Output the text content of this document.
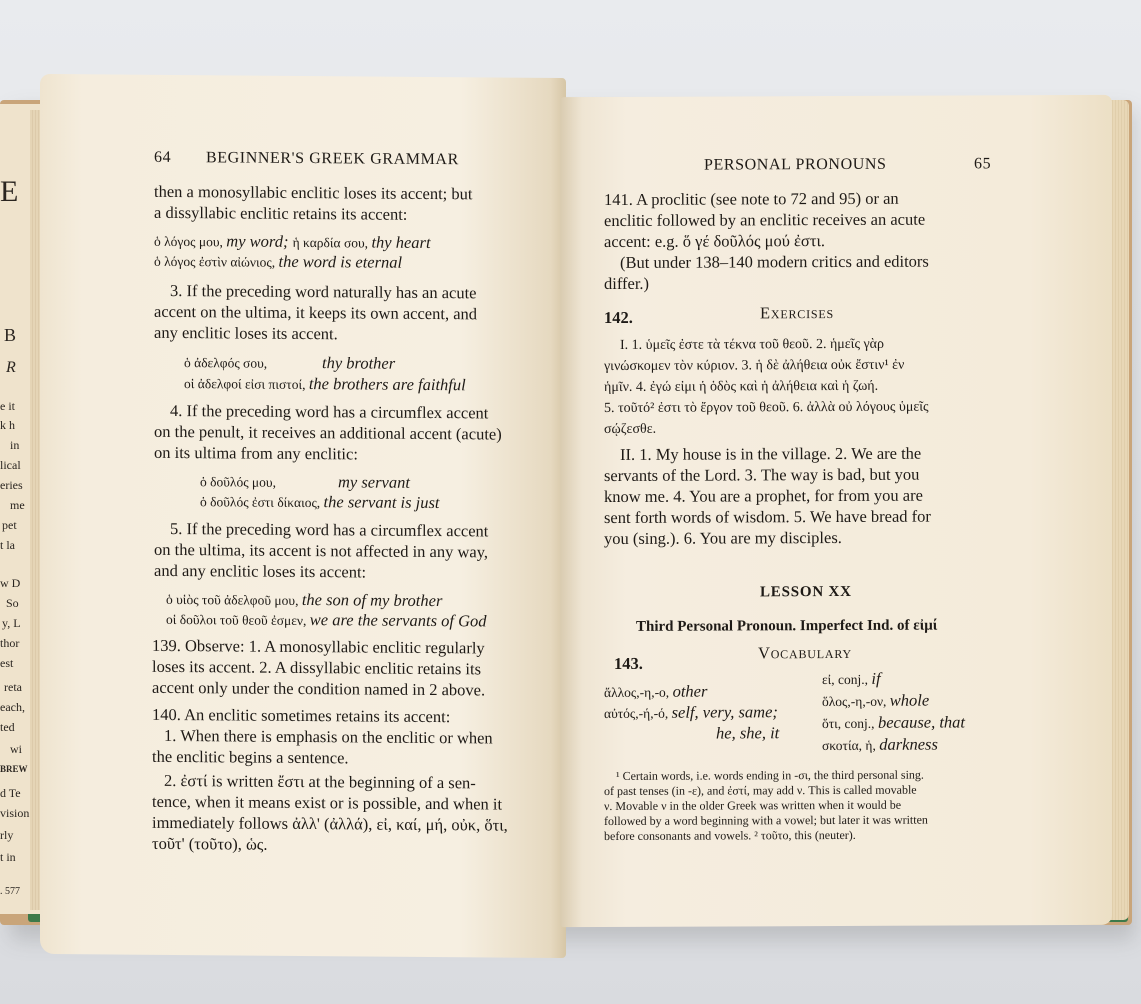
E
B
R
e it
k h
in
lical
eries
me
pet
t la
w D
So
y, L
thor
est
reta
each,
ted
wi
BREW
d Te
vision
rly
t in
. 577
64 BEGINNER'S GREEK GRAMMAR
then a monosyllabic enclitic loses its accent; but
a dissyllabic enclitic retains its accent:
ὁ λόγος μου, my word; ἡ καρδία σου, thy heart
ὁ λόγος ἐστὶν αἰώνιος, the word is eternal
3. If the preceding word naturally has an acute
accent on the ultima, it keeps its own accent, and
any enclitic loses its accent.
ὁ ἀδελφός σου,	thy brother
οἱ ἀδελφοί εἰσι πιστοί, the brothers are faithful
4. If the preceding word has a circumflex accent
on the penult, it receives an additional accent (acute)
on its ultima from any enclitic:
ὁ δοῦλός μου,	my servant
ὁ δοῦλός ἐστι δίκαιος, the servant is just
5. If the preceding word has a circumflex accent
on the ultima, its accent is not affected in any way,
and any enclitic loses its accent:
ὁ υἱὸς τοῦ ἀδελφοῦ μου, the son of my brother
οἱ δοῦλοι τοῦ θεοῦ ἐσμεν, we are the servants of God
139. Observe: 1. A monosyllabic enclitic regularly
loses its accent. 2. A dissyllabic enclitic retains its
accent only under the condition named in 2 above.
140. An enclitic sometimes retains its accent:
1. When there is emphasis on the enclitic or when
the enclitic begins a sentence.
2. ἐστί is written ἔστι at the beginning of a sen-
tence, when it means exist or is possible, and when it
immediately follows ἀλλ' (ἀλλά), εἰ, καί, μή, οὐκ, ὅτι,
τοῦτ' (τοῦτο), ὡς.
PERSONAL PRONOUNS	65
141. A proclitic (see note to 72 and 95) or an
enclitic followed by an enclitic receives an acute
accent: e.g. ὅ γέ δοῦλός μού ἐστι.
(But under 138–140 modern critics and editors
differ.)
142.	Exercises
I. 1. ὑμεῖς ἐστε τὰ τέκνα τοῦ θεοῦ. 2. ἡμεῖς γὰρ
γινώσκομεν τὸν κύριον. 3. ἡ δὲ ἀλήθεια οὐκ ἔστιν¹ ἐν
ἡμῖν. 4. ἐγώ εἰμι ἡ ὁδὸς καὶ ἡ ἀλήθεια καὶ ἡ ζωή.
5. τοῦτό² ἐστι τὸ ἔργον τοῦ θεοῦ. 6. ἀλλὰ οὐ λόγους ὑμεῖς
σῴζεσθε.
II. 1. My house is in the village. 2. We are the
servants of the Lord. 3. The way is bad, but you
know me. 4. You are a prophet, for from you are
sent forth words of wisdom. 5. We have bread for
you (sing.). 6. You are my disciples.
LESSON XX
Third Personal Pronoun. Imperfect Ind. of εἰμί
143.
Vocabulary
ἄλλος,-η,-ο, other
αὐτός,-ή,-ό, self, very, same;
he, she, it
εἰ, conj., if
ὅλος,-η,-ον, whole
ὅτι, conj., because, that
σκοτία, ἡ, darkness
¹ Certain words, i.e. words ending in -σι, the third personal sing.
of past tenses (in -ε), and ἐστί, may add ν. This is called movable
ν. Movable ν in the older Greek was written when it would be
followed by a word beginning with a vowel; but later it was written
before consonants and vowels. ² τοῦτο, this (neuter).
